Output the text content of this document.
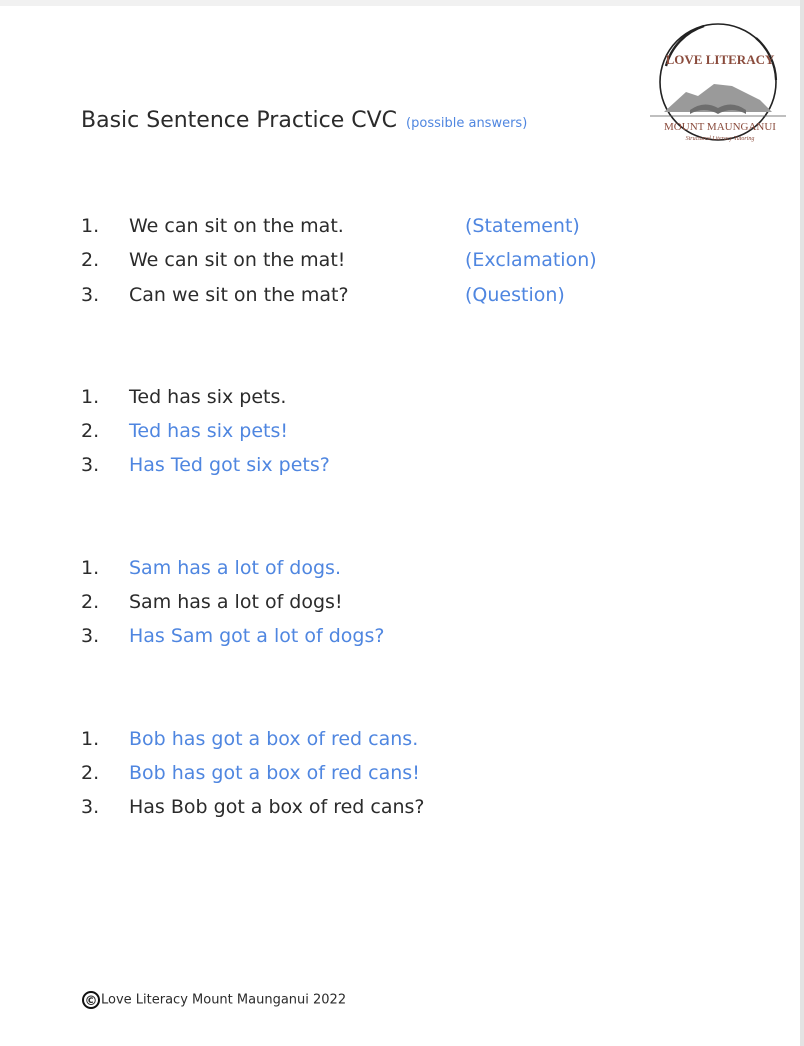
LOVE LITERACY
MOUNT MAUNGANUI
Structured Literacy Tutoring
Basic Sentence Practice CVC (possible answers)
1. We can sit on the mat.	(Statement)
2. We can sit on the mat!	(Exclamation)
3. Can we sit on the mat?	(Question)
1. Ted has six pets.
2. Ted has six pets!
3. Has Ted got six pets?
1. Sam has a lot of dogs.
2. Sam has a lot of dogs!
3. Has Sam got a lot of dogs?
1. Bob has got a box of red cans.
2. Bob has got a box of red cans!
3. Has Bob got a box of red cans?
© Love Literacy Mount Maunganui 2022
